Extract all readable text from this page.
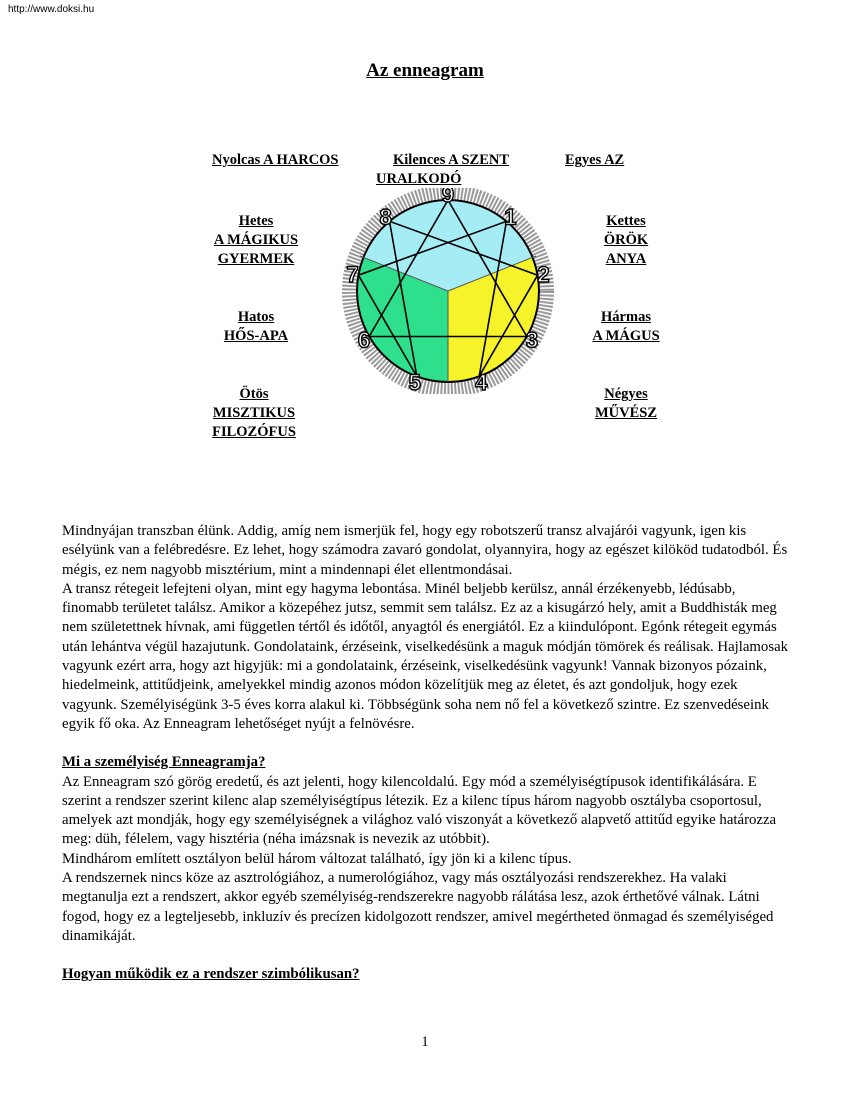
http://www.doksi.hu
Az enneagram
Nyolcas A HARCOS	Kilences A SZENT	Egyes AZ
URALKODÓ
Hetes
A MÁGIKUS
GYERMEK
Hatos
HŐS-APA
Ötös
MISZTIKUS
FILOZÓFUS
Kettes
ÖRÖK
ANYA
Hármas
A MÁGUS
Négyes
MŰVÉSZ
9
1
2
3
4
5
6
7
8

Mindnyájan transzban élünk. Addig, amíg nem ismerjük fel, hogy egy robotszerű transz alvajárói vagyunk, igen kis esélyünk van a felébredésre. Ez lehet, hogy számodra zavaró gondolat, olyannyira, hogy az egészet kilököd tudatodból. És mégis, ez nem nagyobb misztérium, mint a mindennapi élet ellentmondásai.

A transz rétegeit lefejteni olyan, mint egy hagyma lebontása. Minél beljebb kerülsz, annál érzékenyebb, lédúsabb, finomabb területet találsz. Amikor a közepéhez jutsz, semmit sem találsz. Ez az a kisugárzó hely, amit a Buddhisták meg nem születettnek hívnak, ami független tértől és időtől, anyagtól és energiától. Ez a kiindulópont. Egónk rétegeit egymás után lehántva végül hazajutunk. Gondolataink, érzéseink, viselkedésünk a maguk módján tömörek és reálisak. Hajlamosak vagyunk ezért arra, hogy azt higyjük: mi a gondolataink, érzéseink, viselkedésünk vagyunk! Vannak bizonyos pózaink, hiedelmeink, attitűdjeink, amelyekkel mindig azonos módon közelítjük meg az életet, és azt gondoljuk, hogy ezek vagyunk. Személyiségünk 3-5 éves korra alakul ki. Többségünk soha nem nő fel a következő szintre. Ez szenvedéseink egyik fő oka. Az Enneagram lehetőséget nyújt a felnövésre.

Mi a személyiség Enneagramja?

Az Enneagram szó görög eredetű, és azt jelenti, hogy kilencoldalú. Egy mód a személyiségtípusok identifikálására. E szerint a rendszer szerint kilenc alap személyiségtípus létezik. Ez a kilenc típus három nagyobb osztályba csoportosul, amelyek azt mondják, hogy egy személyiségnek a világhoz való viszonyát a következő alapvető attitűd egyike határozza meg: düh, félelem, vagy hisztéria (néha imázsnak is nevezik az utóbbit).

Mindhárom említett osztályon belül három változat található, így jön ki a kilenc típus.

A rendszernek nincs köze az asztrológiához, a numerológiához, vagy más osztályozási rendszerekhez. Ha valaki megtanulja ezt a rendszert, akkor egyéb személyiség-rendszerekre nagyobb rálátása lesz, azok érthetővé válnak. Látni fogod, hogy ez a legteljesebb, inkluzív és precízen kidolgozott rendszer, amivel megértheted önmagad és személyiséged dinamikáját.

Hogyan működik ez a rendszer szimbólikusan?
1
